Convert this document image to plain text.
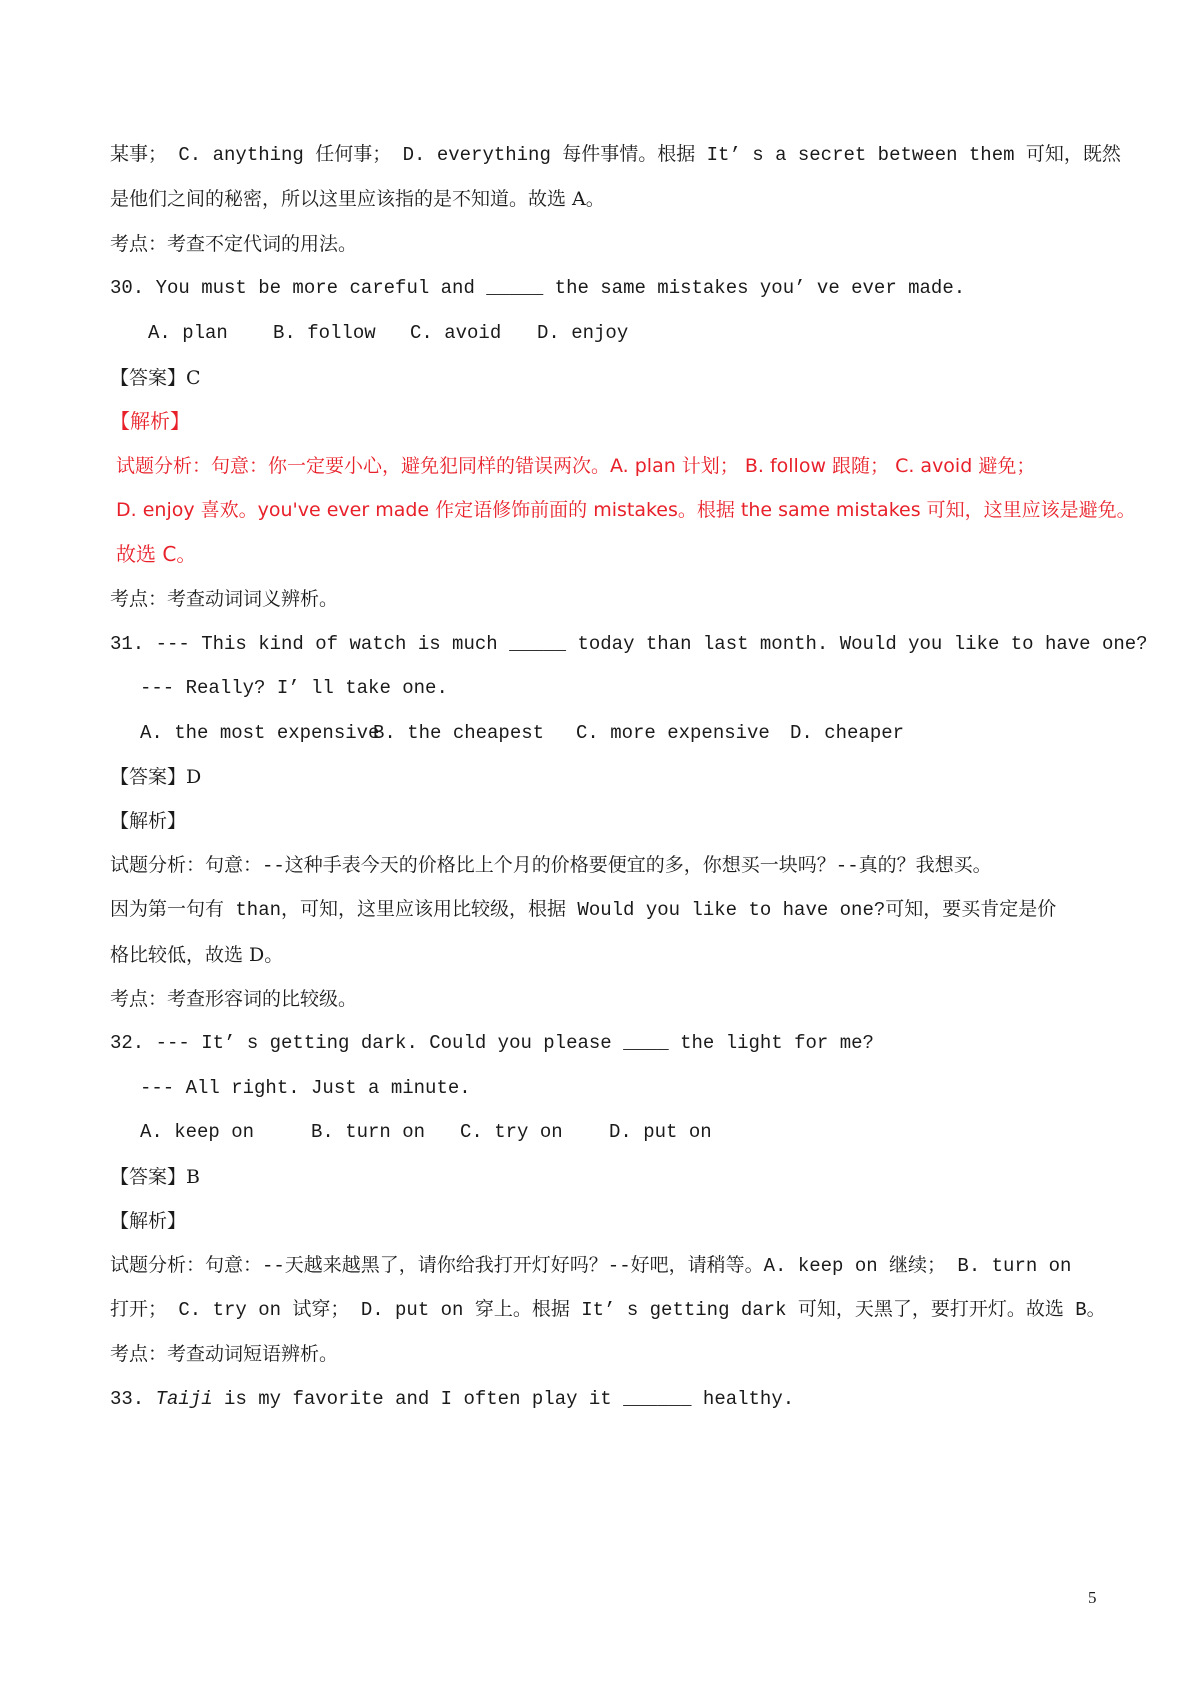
某事； C. anything 任何事； D. everything 每件事情。根据 It’ s a secret between them 可知，既然
是他们之间的秘密，所以这里应该指的是不知道。故选 A。
考点：考查不定代词的用法。
30. You must be more careful and _____ the same mistakes you’ ve ever made.
A. plan B. follow C. avoid D. enjoy
【答案】C
【解析】
试题分析：句意：你一定要小心，避免犯同样的错误两次。A. plan 计划； B. follow 跟随； C. avoid 避免；
D. enjoy 喜欢。you've ever made 作定语修饰前面的 mistakes。根据 the same mistakes 可知，这里应该是避免。
故选 C。
考点：考查动词词义辨析。
31. --- This kind of watch is much _____ today than last month. Would you like to have one?
--- Really? I’ ll take one.
A. the most expensiveB. the cheapest C. more expensive D. cheaper
【答案】D
【解析】
试题分析：句意：--这种手表今天的价格比上个月的价格要便宜的多，你想买一块吗？--真的？我想买。
因为第一句有 than，可知，这里应该用比较级，根据 Would you like to have one?可知，要买肯定是价
格比较低，故选 D。
考点：考查形容词的比较级。
32. --- It’ s getting dark. Could you please ____ the light for me?
--- All right. Just a minute.
A. keep on	B. turn on C. try on D. put on
【答案】B
【解析】
试题分析：句意：--天越来越黑了，请你给我打开灯好吗？--好吧，请稍等。A. keep on 继续； B. turn on
打开； C. try on 试穿； D. put on 穿上。根据 It’ s getting dark 可知，天黑了，要打开灯。故选 B。
考点：考查动词短语辨析。
33. Taiji is my favorite and I often play it ______ healthy.
5
